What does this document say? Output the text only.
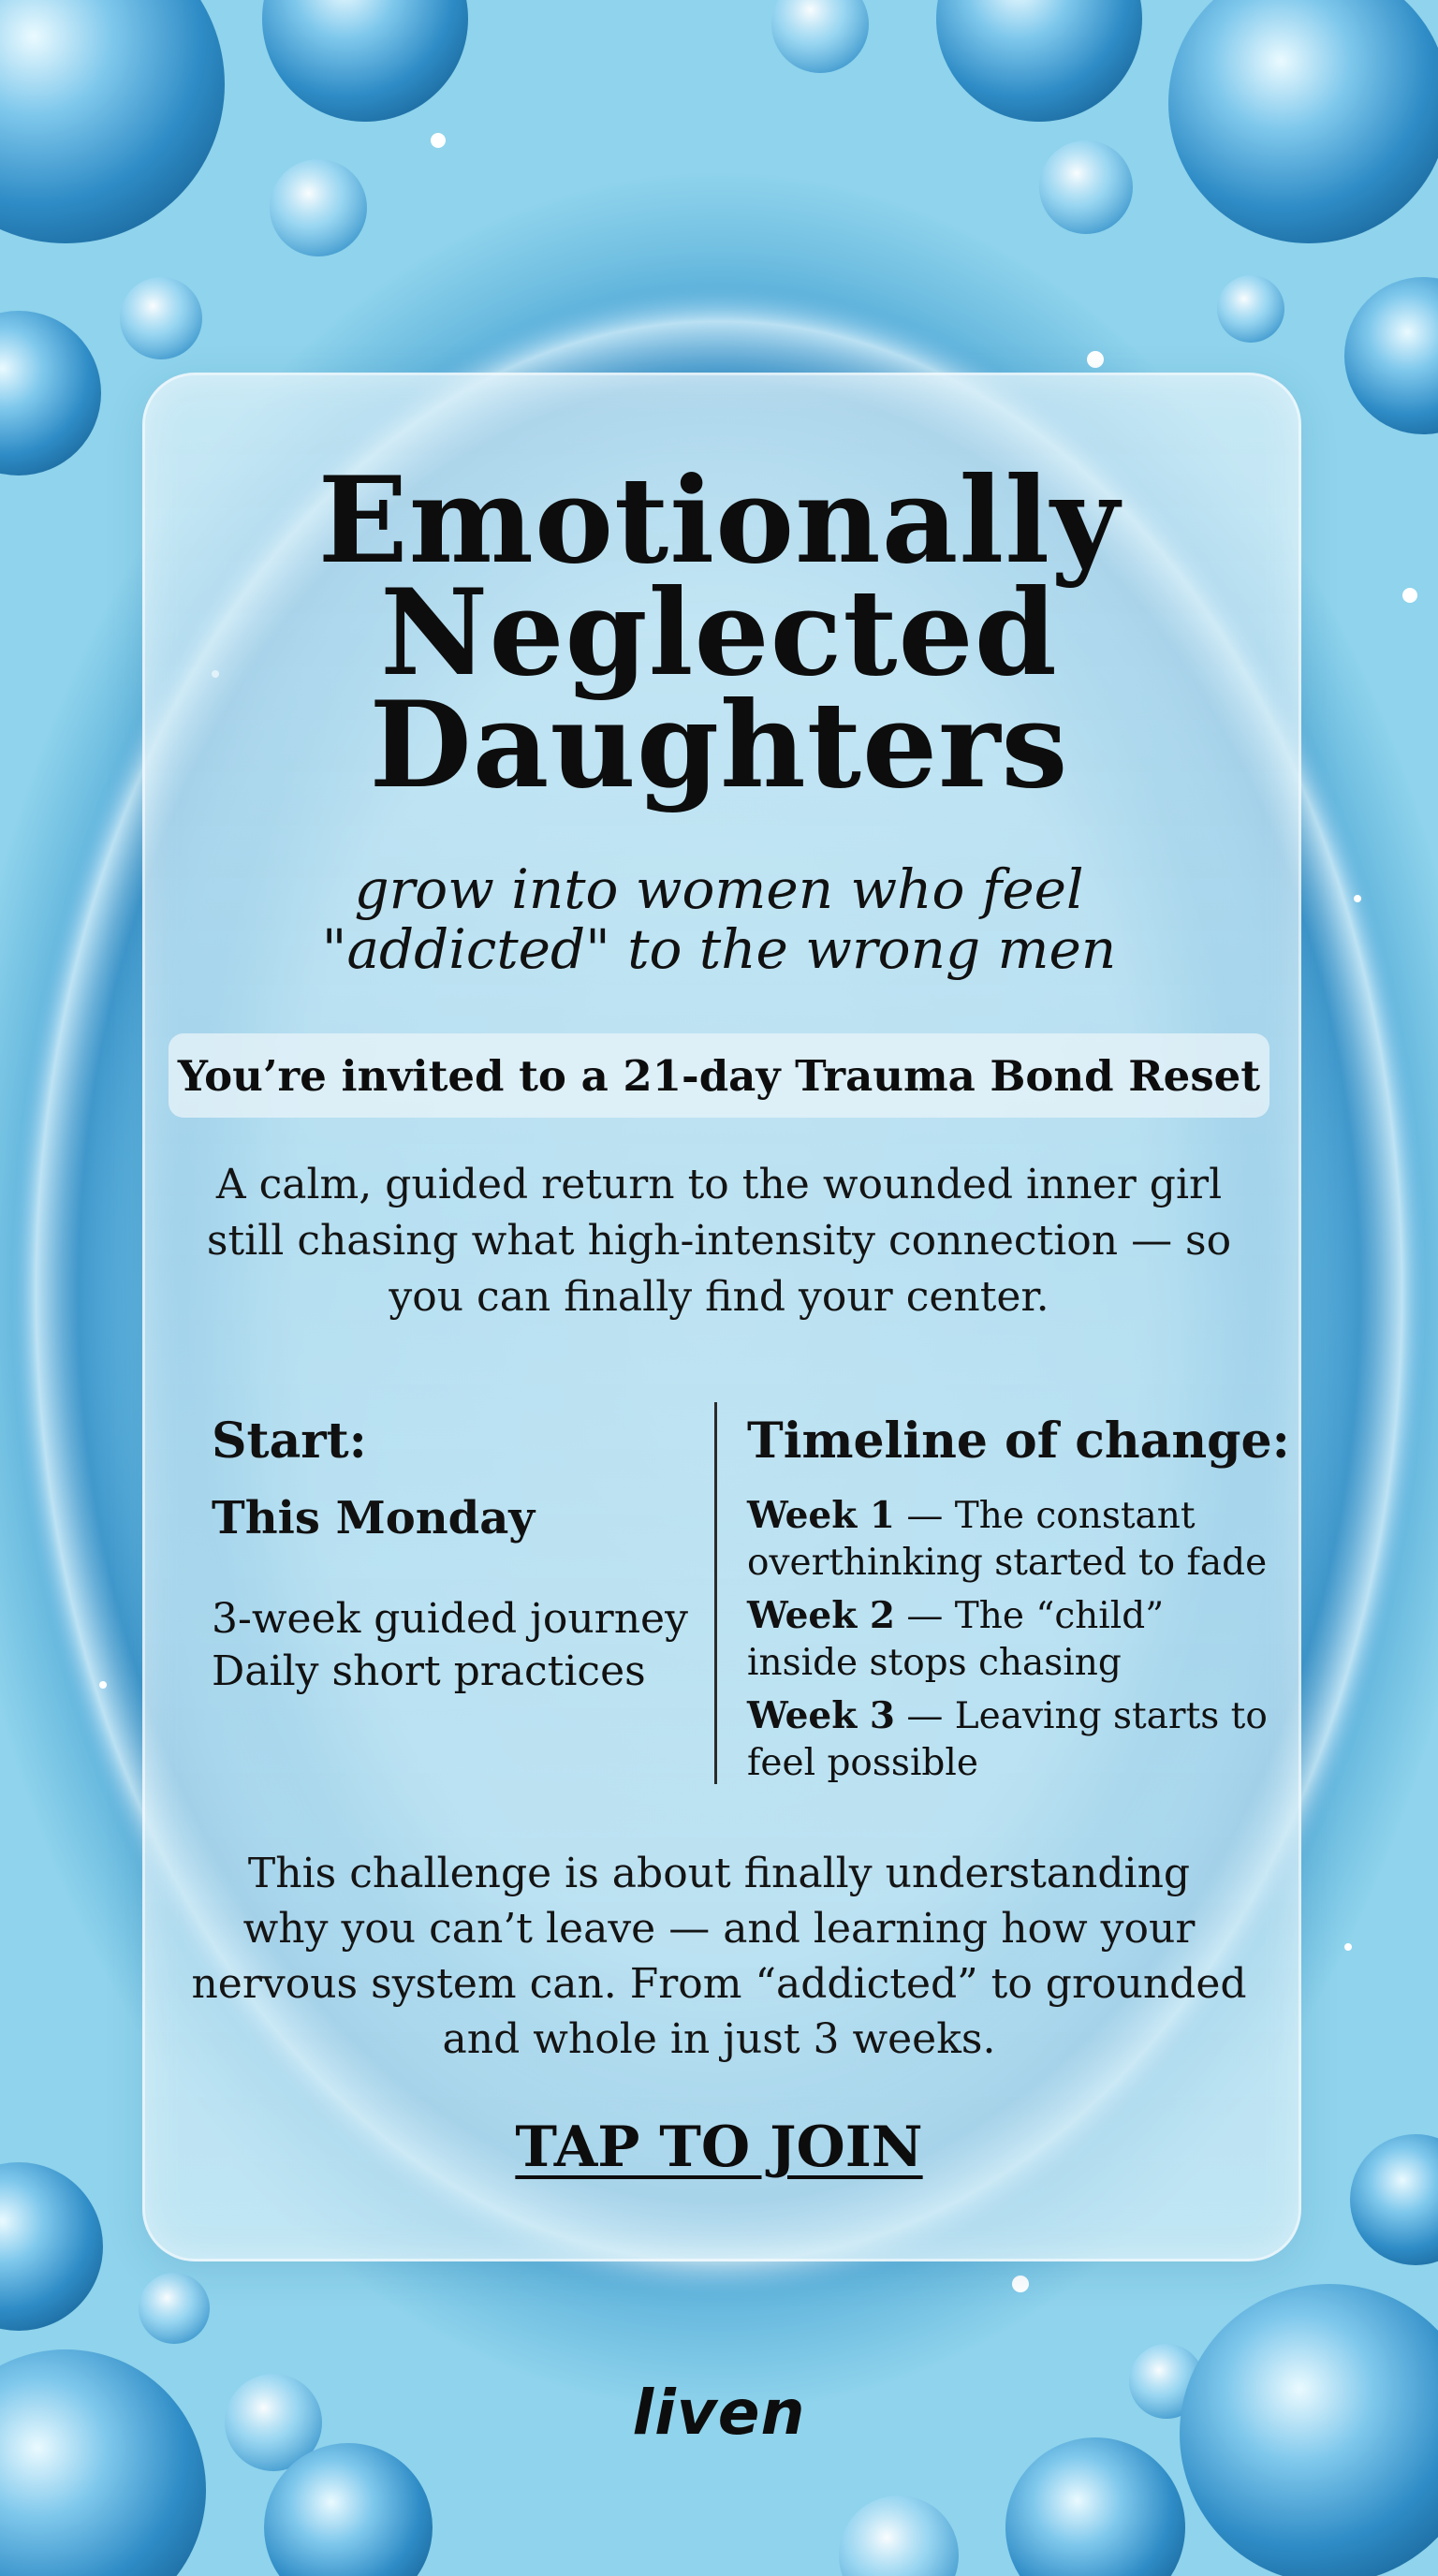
Emotionally
Neglected
Daughters
grow into women who feel
"addicted" to the wrong men
You’re invited to a 21-day Trauma Bond Reset
A calm, guided return to the wounded inner girl
still chasing what high-intensity connection — so
you can finally find your center.
Start:
This Monday
3-week guided journey
Daily short practices
Timeline of change:
Week 1 — The constant overthinking started to fade
Week 2 — The “child” inside stops chasing
Week 3 — Leaving starts to feel possible
This challenge is about finally understanding
why you can’t leave — and learning how your
nervous system can. From “addicted” to grounded
and whole in just 3 weeks.
TAP TO JOIN
liven
